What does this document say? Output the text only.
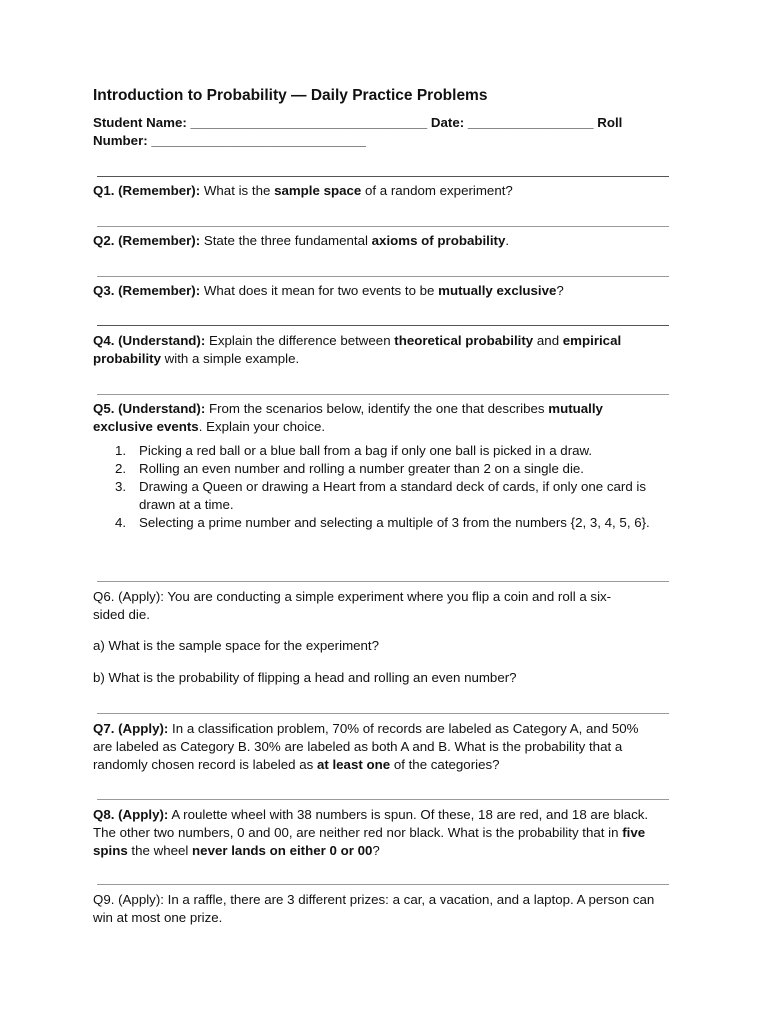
Introduction to Probability — Daily Practice Problems
Student Name: ________________________________ Date: _________________ Roll Number: _____________________________
Q1. (Remember): What is the sample space of a random experiment?
Q2. (Remember): State the three fundamental axioms of probability.
Q3. (Remember): What does it mean for two events to be mutually exclusive?
Q4. (Understand): Explain the difference between theoretical probability and empirical probability with a simple example.
Q5. (Understand): From the scenarios below, identify the one that describes mutually exclusive events. Explain your choice.
1. Picking a red ball or a blue ball from a bag if only one ball is picked in a draw.
2. Rolling an even number and rolling a number greater than 2 on a single die.
3. Drawing a Queen or drawing a Heart from a standard deck of cards, if only one card is drawn at a time.
4. Selecting a prime number and selecting a multiple of 3 from the numbers {2, 3, 4, 5, 6}.
Q6. (Apply): You are conducting a simple experiment where you flip a coin and roll a six-sided die.
a) What is the sample space for the experiment?
b) What is the probability of flipping a head and rolling an even number?
Q7. (Apply): In a classification problem, 70% of records are labeled as Category A, and 50% are labeled as Category B. 30% are labeled as both A and B. What is the probability that a randomly chosen record is labeled as at least one of the categories?
Q8. (Apply): A roulette wheel with 38 numbers is spun. Of these, 18 are red, and 18 are black. The other two numbers, 0 and 00, are neither red nor black. What is the probability that in five spins the wheel never lands on either 0 or 00?
Q9. (Apply): In a raffle, there are 3 different prizes: a car, a vacation, and a laptop. A person can win at most one prize.
